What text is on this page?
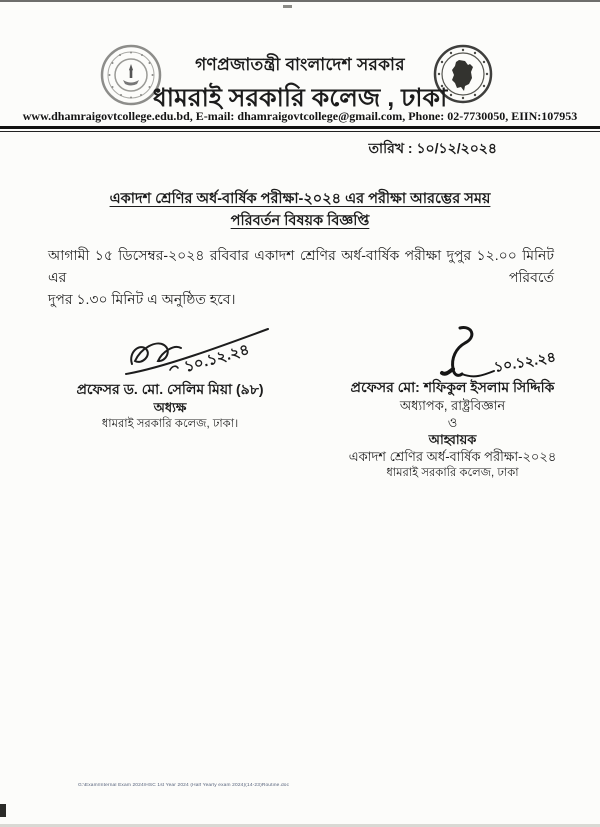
গণপ্রজাতন্ত্রী বাংলাদেশ সরকার
ধামরাই সরকারি কলেজ , ঢাকা
www.dhamraigovtcollege.edu.bd, E-mail: dhamraigovtcollege@gmail.com, Phone: 02-7730050, EIIN:107953
তারিখ : ১০/১২/২০২৪
একাদশ শ্রেণির অর্ধ-বার্ষিক পরীক্ষা-২০২৪ এর পরীক্ষা আরম্ভের সময়
পরিবর্তন বিষয়ক বিজ্ঞপ্তি
আগামী ১৫ ডিসেম্বর-২০২৪ রবিবার একাদশ শ্রেণির অর্ধ-বার্ষিক পরীক্ষা দুপুর ১২.০০ মিনিট এর পরিবর্তে
দুপর ১.৩০ মিনিট এ অনুষ্ঠিত হবে।
১০.১২.২৪	১০.১২.২৪
প্রফেসর ড. মো. সেলিম মিয়া (৯৮)
অধ্যক্ষ
ধামরাই সরকারি কলেজ, ঢাকা।
প্রফেসর মো: শফিকুল ইসলাম সিদ্দিকি
অধ্যাপক, রাষ্ট্রবিজ্ঞান
ও
আহ্বায়ক
একাদশ শ্রেণির অর্ধ-বার্ষিক পরীক্ষা-২০২৪
ধামরাই সরকারি কলেজ, ঢাকা
G:\Exam\Internal Exam 2024\HSC 1st Year 2024 (Half Yearly exam 2024)(14-23)Routine.doc
